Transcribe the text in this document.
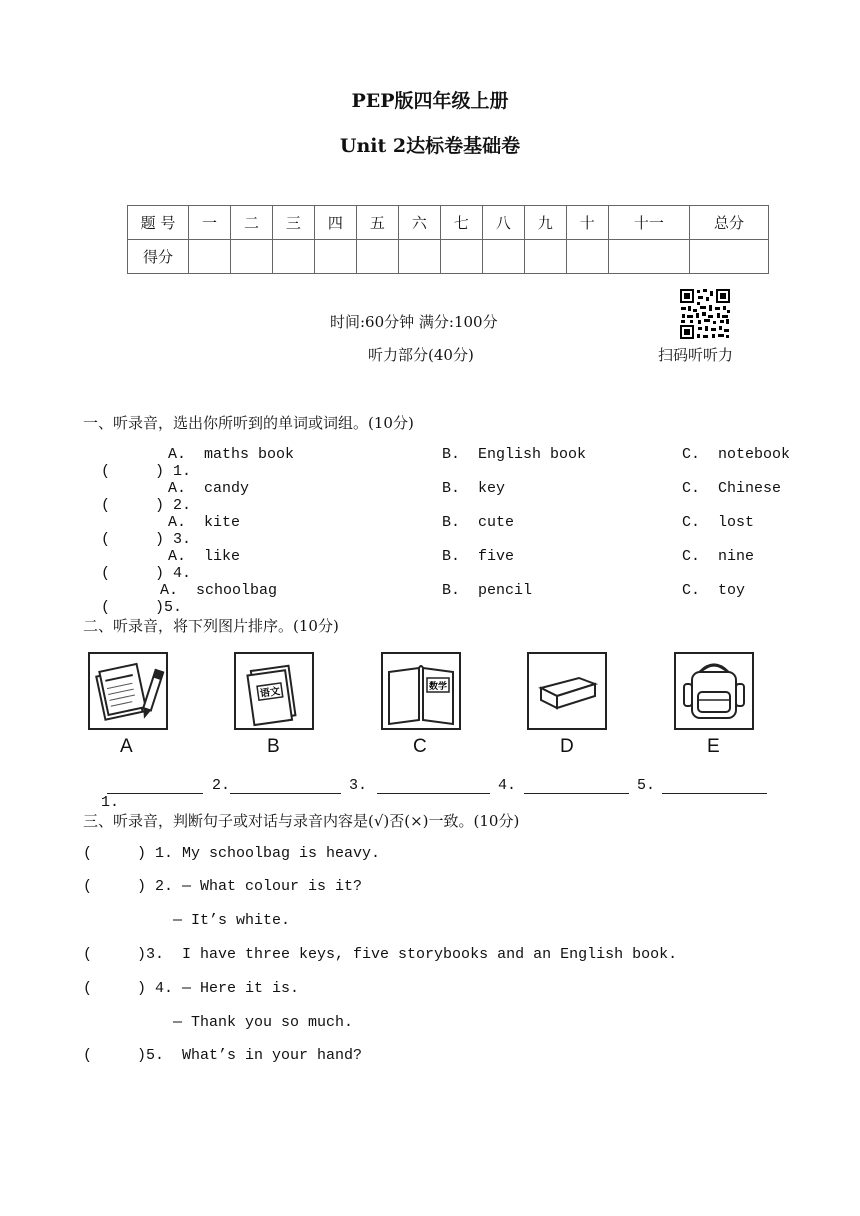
PEP版四年级上册
Unit 2达标卷基础卷
题 号	一	二	三	四	五	六	七	八	九	十	十一	总分
得分												
时间:60分钟 满分:100分
听力部分(40分)	扫码听听力
一、听录音，选出你所听到的单词或词组。(10分)

(     ) 1.
A.  maths book	B.  English book	C.  notebook

(     ) 2.
A.  candy	B.  key	C.  Chinese

(     ) 3.
A.  kite	B.  cute	C.  lost

(     ) 4.
A.  like	B.  five	C.  nine

(     )5.
A.  schoolbag	B.  pencil	C.  toy
二、听录音，将下列图片排序。(10分)
A
语文
B
数学
C	D	E

1.

2.	3.	4.	5.
三、听录音，判断句子或对话与录音内容是(√)否(×)一致。(10分)
(     ) 1. My schoolbag is heavy.
(     ) 2. — What colour is it?
— It’s white.
(     )3.  I have three keys, five storybooks and an English book.
(     ) 4. — Here it is.
— Thank you so much.
(     )5.  What’s in your hand?
